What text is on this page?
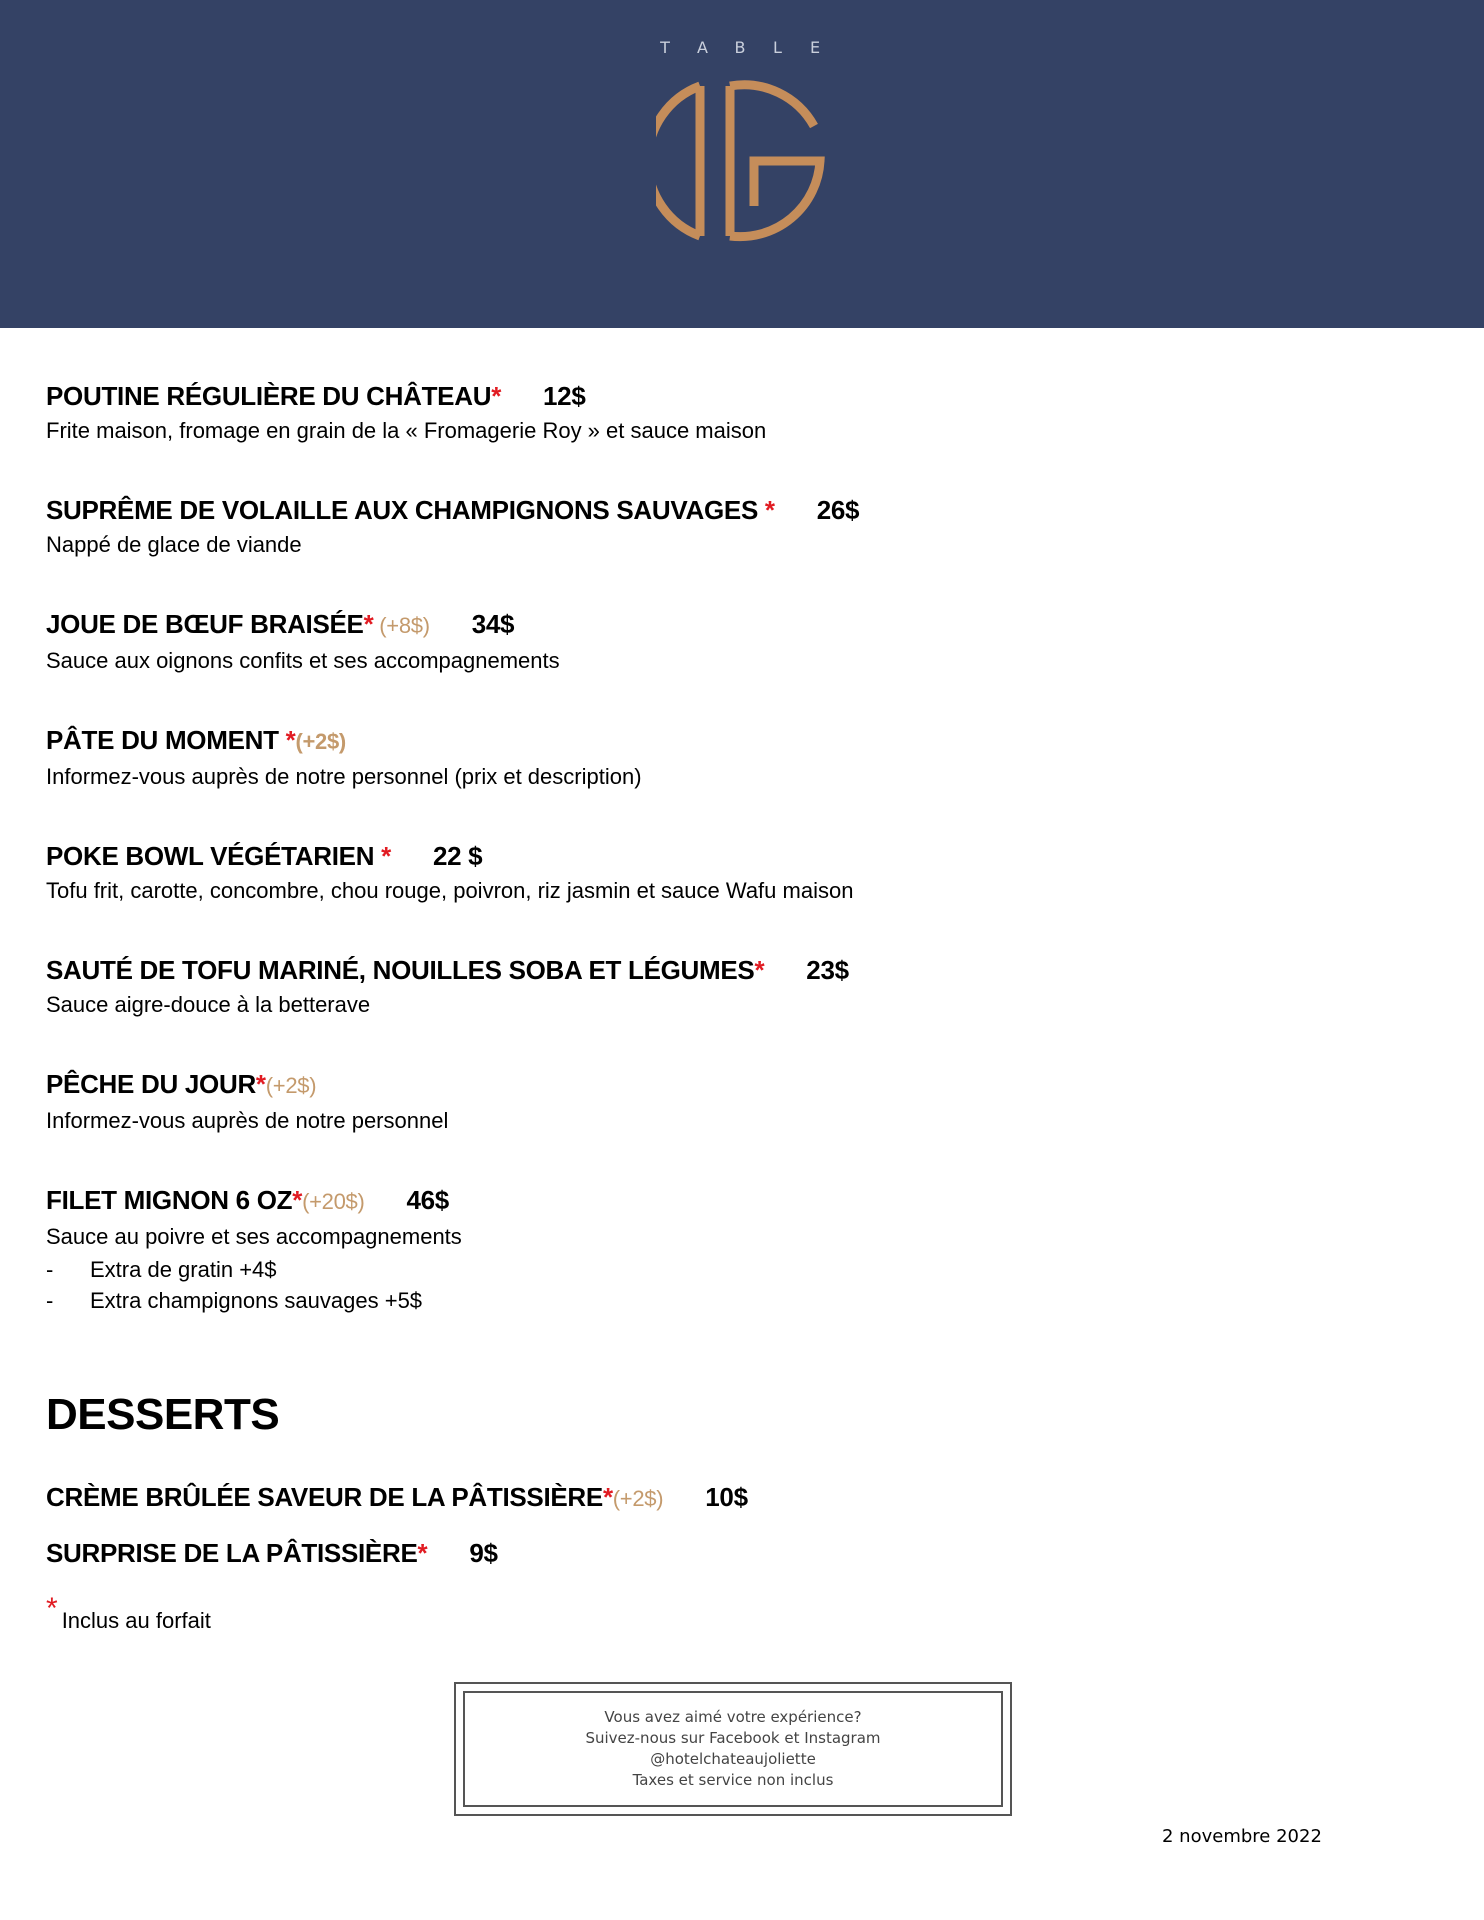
T	A B	L	E
POUTINE RÉGULIÈRE DU CHÂTEAU* 12$
Frite maison, fromage en grain de la « Fromagerie Roy » et sauce maison
SUPRÊME DE VOLAILLE AUX CHAMPIGNONS SAUVAGES * 26$
Nappé de glace de viande
JOUE DE BŒUF BRAISÉE* (+8$) 34$
Sauce aux oignons confits et ses accompagnements
PÂTE DU MOMENT *(+2$)
Informez-vous auprès de notre personnel (prix et description)
POKE BOWL VÉGÉTARIEN * 22 $
Tofu frit, carotte, concombre, chou rouge, poivron, riz jasmin et sauce Wafu maison
SAUTÉ DE TOFU MARINÉ, NOUILLES SOBA ET LÉGUMES* 23$
Sauce aigre-douce à la betterave
PÊCHE DU JOUR*(+2$)
Informez-vous auprès de notre personnel
FILET MIGNON 6 OZ*(+20$) 46$
Sauce au poivre et ses accompagnements
- Extra de gratin +4$
- Extra champignons sauvages +5$
DESSERTS
CRÈME BRÛLÉE SAVEUR DE LA PÂTISSIÈRE*(+2$) 10$
SURPRISE DE LA PÂTISSIÈRE* 9$
* Inclus au forfait
Vous avez aimé votre expérience?
Suivez-nous sur Facebook et Instagram
@hotelchateaujoliette
Taxes et service non inclus
2 novembre 2022
